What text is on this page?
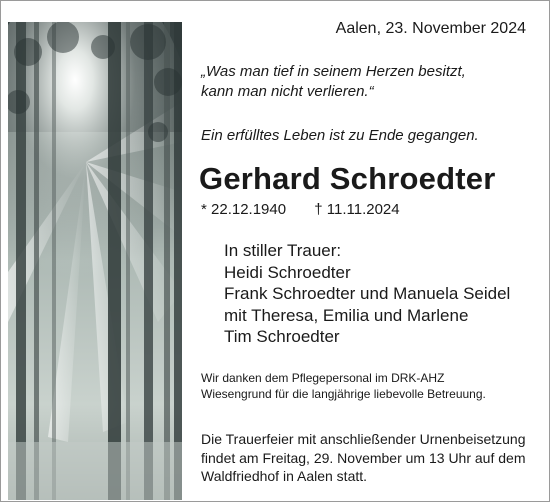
Aalen, 23. November 2024
„Was man tief in seinem Herzen besitzt,
kann man nicht verlieren.“
Ein erfülltes Leben ist zu Ende gegangen.
Gerhard Schroedter
* 22.12.1940 † 11.11.2024
In stiller Trauer:
Heidi Schroedter
Frank Schroedter und Manuela Seidel
mit Theresa, Emilia und Marlene
Tim Schroedter
Wir danken dem Pflegepersonal im DRK-AHZ
Wiesengrund für die langjährige liebevolle Betreuung.
Die Trauerfeier mit anschließender Urnenbeisetzung
findet am Freitag, 29. November um 13 Uhr auf dem
Waldfriedhof in Aalen statt.
